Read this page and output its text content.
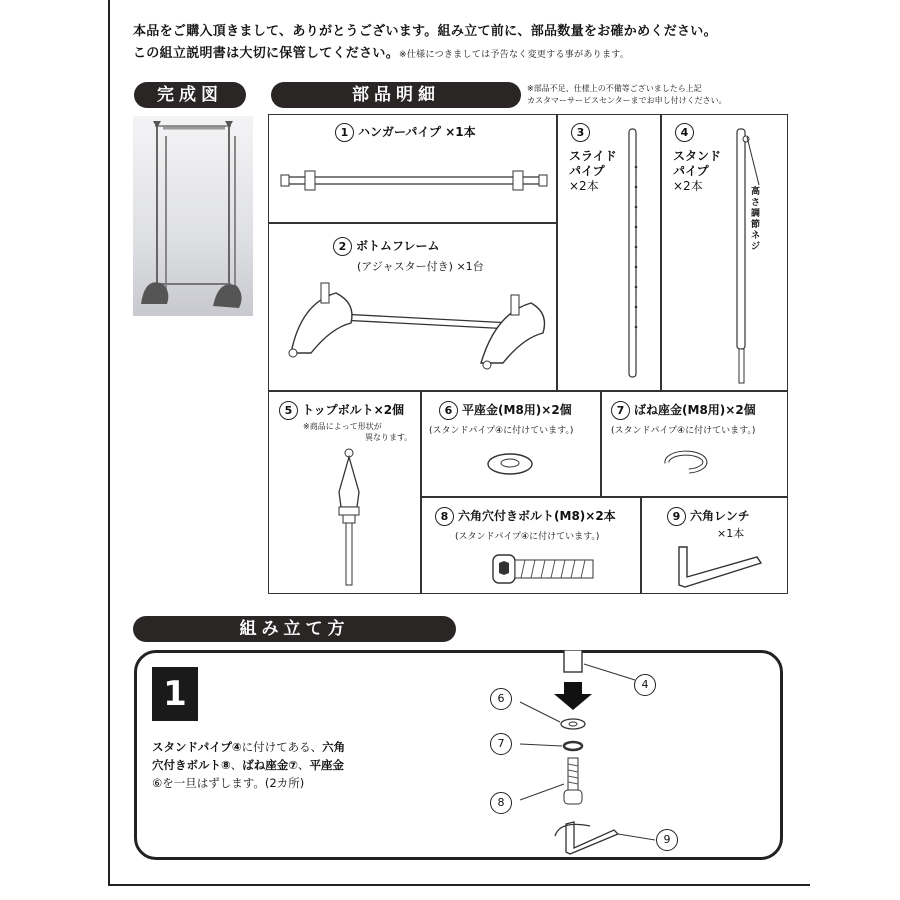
本品をご購入頂きまして、ありがとうございます。組み立て前に、部品数量をお確かめください。
この組立説明書は大切に保管してください。※仕様につきましては予告なく変更する事があります。
完成図	部品明細	※部品不足、仕様上の不備等ございましたら上記
カスタマーサービスセンターまでお申し付けください。
1 ハンガーパイプ ×1本
2 ボトムフレーム
(アジャスター付き) ×1台
3
スライド
パイプ
×2本
4
スタンド
パイプ
×2本	高さ
調節
ネジ
5 トップボルト×2個
※商品によって形状が
異なります。
6 平座金(M8用)×2個
(スタンドパイプ④に付けています。)
7 ばね座金(M8用)×2個
(スタンドパイプ④に付けています。)
8 六角穴付きボルト(M8)×2本
(スタンドパイプ④に付けています。)
9 六角レンチ
×1本
組み立て方
1
スタンドパイプ④に付けてある、六角
穴付きボルト⑧、ばね座金⑦、平座金
⑥を一旦はずします。(2カ所)
4
6
7
8
9
